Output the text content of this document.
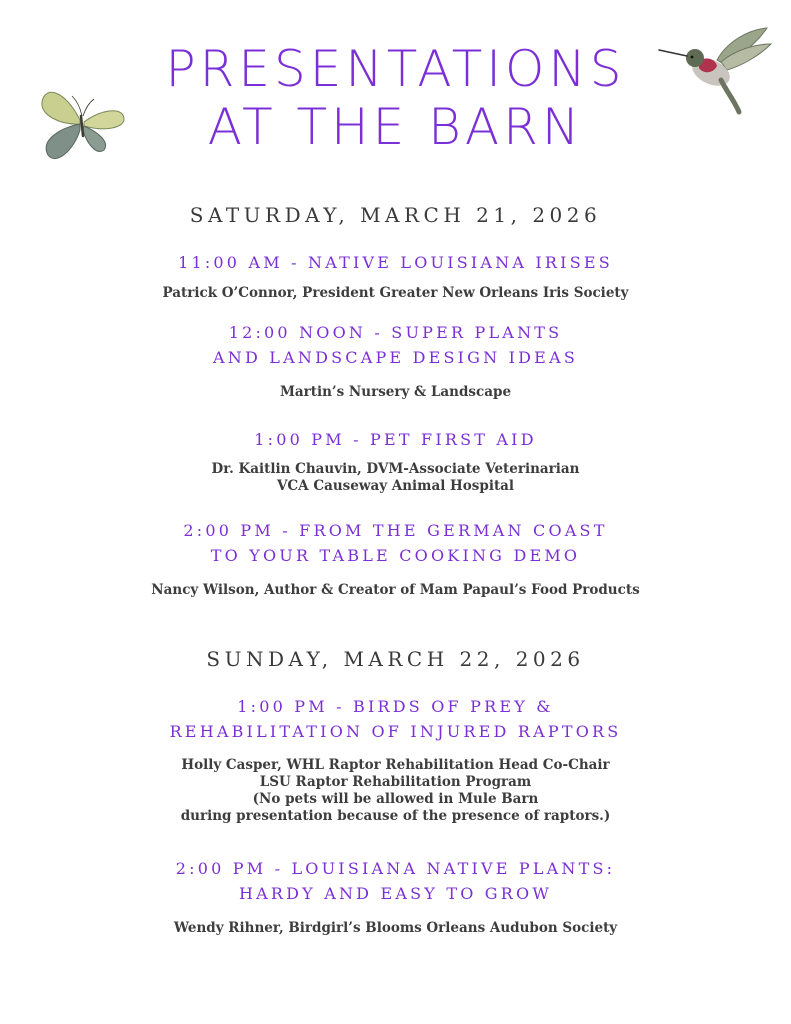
PRESENTATIONS
AT THE BARN
SATURDAY, MARCH 21, 2026
11:00 AM - NATIVE LOUISIANA IRISES
Patrick O’Connor, President Greater New Orleans Iris Society
12:00 NOON - SUPER PLANTS
AND LANDSCAPE DESIGN IDEAS
Martin’s Nursery & Landscape
1:00 PM - PET FIRST AID
Dr. Kaitlin Chauvin, DVM-Associate Veterinarian
VCA Causeway Animal Hospital
2:00 PM - FROM THE GERMAN COAST
TO YOUR TABLE COOKING DEMO
Nancy Wilson, Author & Creator of Mam Papaul’s Food Products
SUNDAY, MARCH 22, 2026
1:00 PM - BIRDS OF PREY &
REHABILITATION OF INJURED RAPTORS
Holly Casper, WHL Raptor Rehabilitation Head Co-Chair
LSU Raptor Rehabilitation Program
(No pets will be allowed in Mule Barn
during presentation because of the presence of raptors.)
2:00 PM - LOUISIANA NATIVE PLANTS:
HARDY AND EASY TO GROW
Wendy Rihner, Birdgirl’s Blooms Orleans Audubon Society
